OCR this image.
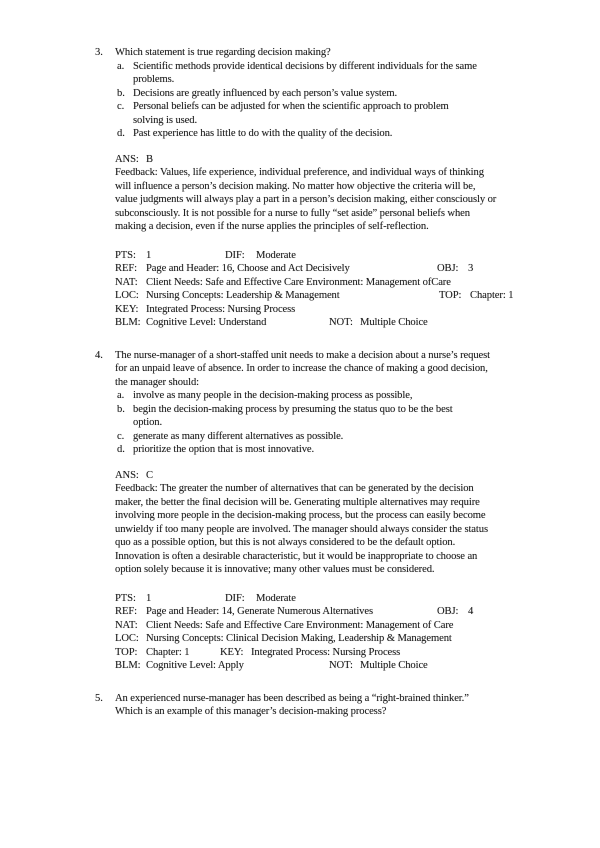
3.	Which statement is true regarding decision making?
a. Scientific methods provide identical decisions by different individuals for the same
problems.
b. Decisions are greatly influenced by each person’s value system.
c. Personal beliefs can be adjusted for when the scientific approach to problem
solving is used.
d. Past experience has little to do with the quality of the decision.
ANS: B
Feedback: Values, life experience, individual preference, and individual ways of thinking
will influence a person’s decision making. No matter how objective the criteria will be,
value judgments will always play a part in a person’s decision making, either consciously or
subconsciously. It is not possible for a nurse to fully “set aside” personal beliefs when
making a decision, even if the nurse applies the principles of self-reflection.
PTS: 1	DIF: Moderate
REF: Page and Header: 16, Choose and Act Decisively	OBJ: 3
NAT: Client Needs: Safe and Effective Care Environment: Management ofCare
LOC: Nursing Concepts: Leadership & Management	TOP: Chapter: 1
KEY: Integrated Process: Nursing Process
BLM: Cognitive Level: Understand	NOT: Multiple Choice
4.	The nurse-manager of a short-staffed unit needs to make a decision about a nurse’s request
for an unpaid leave of absence. In order to increase the chance of making a good decision,
the manager should:
a. involve as many people in the decision-making process as possible,
b. begin the decision-making process by presuming the status quo to be the best
option.
c. generate as many different alternatives as possible.
d. prioritize the option that is most innovative.
ANS: C
Feedback: The greater the number of alternatives that can be generated by the decision
maker, the better the final decision will be. Generating multiple alternatives may require
involving more people in the decision-making process, but the process can easily become
unwieldy if too many people are involved. The manager should always consider the status
quo as a possible option, but this is not always considered to be the default option.
Innovation is often a desirable characteristic, but it would be inappropriate to choose an
option solely because it is innovative; many other values must be considered.
PTS: 1	DIF: Moderate
REF: Page and Header: 14, Generate Numerous Alternatives	OBJ: 4
NAT: Client Needs: Safe and Effective Care Environment: Management of Care
LOC: Nursing Concepts: Clinical Decision Making, Leadership & Management
TOP: Chapter: 1	KEY: Integrated Process: Nursing Process
BLM: Cognitive Level: Apply	NOT: Multiple Choice
5.	An experienced nurse-manager has been described as being a “right-brained thinker.”
Which is an example of this manager’s decision-making process?
